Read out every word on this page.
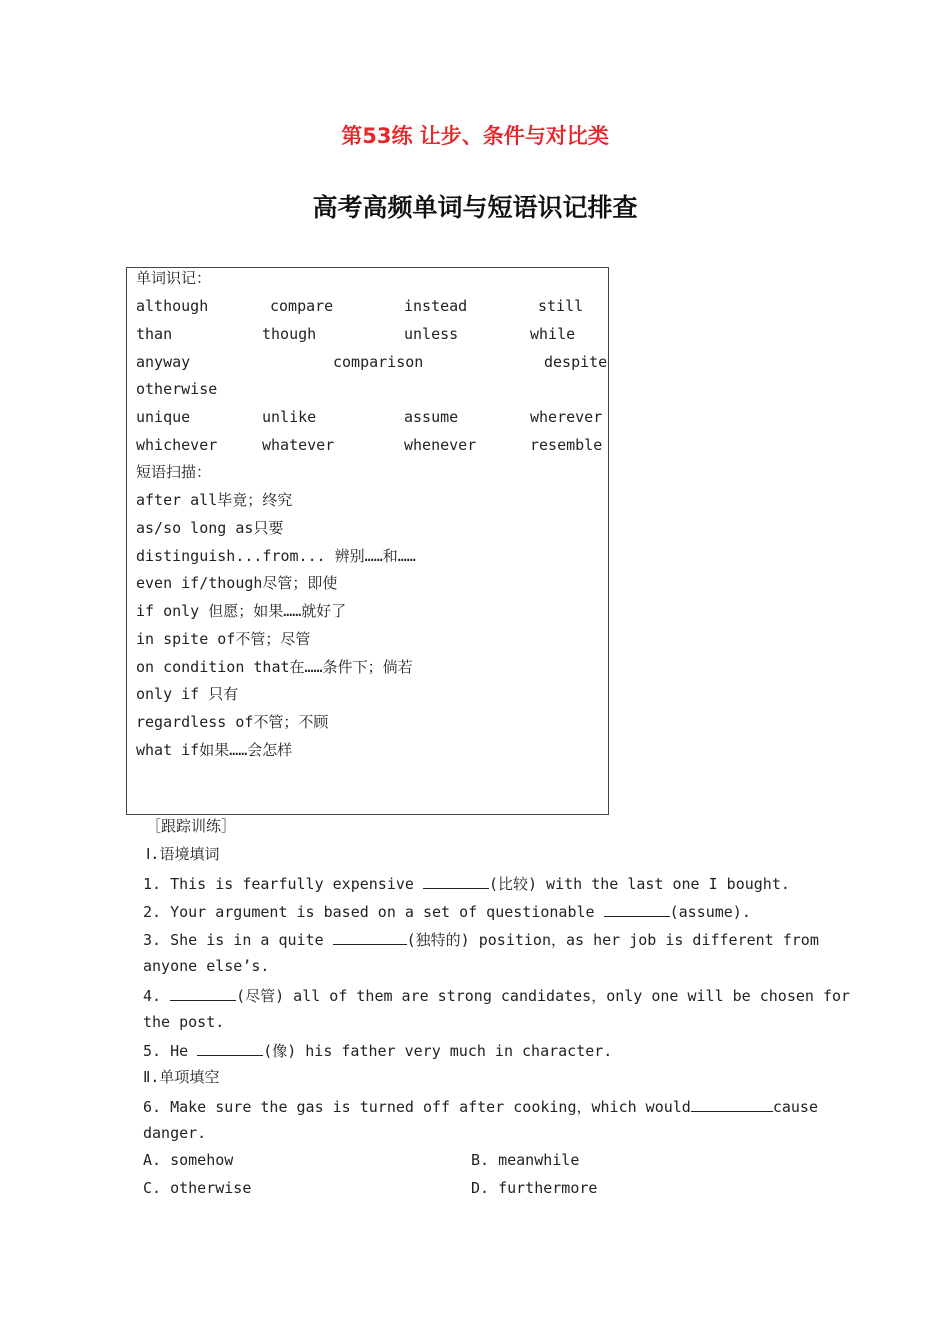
第53练 让步、条件与对比类
高考高频单词与短语识记排查
单词识记：
although	compare	instead	still
than	though	unless	while
anyway	comparison	despite
otherwise
unique	unlike	assume	wherever
whichever	whatever	whenever	resemble
短语扫描：
after all毕竟；终究
as/so long as只要
distinguish...from... 辨别……和……
even if/though尽管；即使
if only 但愿；如果……就好了
in spite of不管；尽管
on condition that在……条件下；倘若
only if 只有
regardless of不管；不顾
what if如果……会怎样
［跟踪训练］
Ⅰ.语境填词
1. This is fearfully expensive	(比较) with the last one I bought.
2. Your argument is based on a set of questionable	(assume).
3. She is in a quite	(独特的) position，as her job is different from
anyone else’s.
4.	(尽管) all of them are strong candidates，only one will be chosen for
the post.
5. He	(像) his father very much in character.
Ⅱ.单项填空
6. Make sure the gas is turned off after cooking，which would	cause
danger.
A. somehow	B. meanwhile
C. otherwise	D. furthermore
